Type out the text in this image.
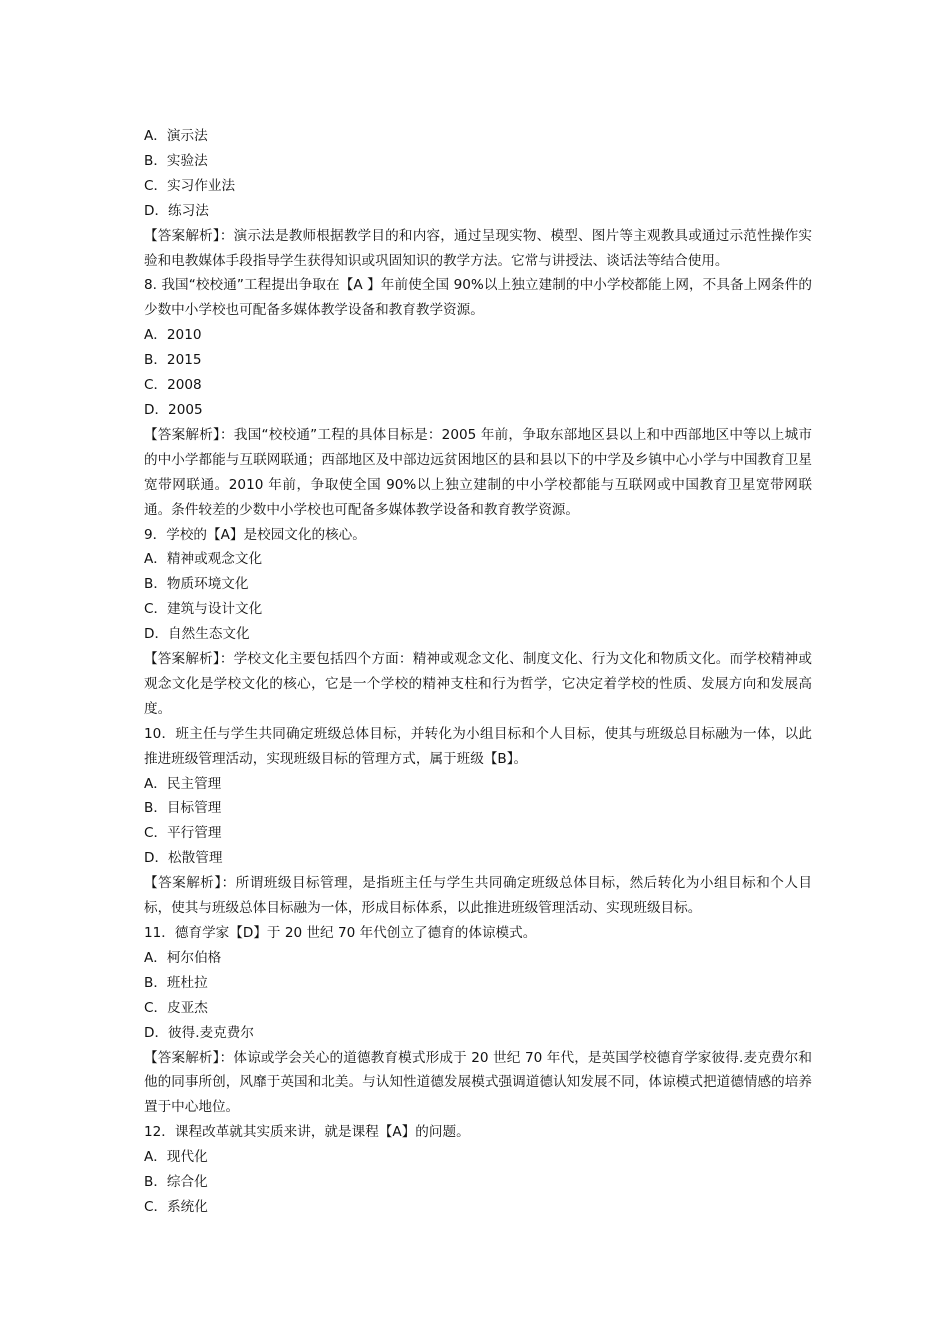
A．演示法

B．实验法

C．实习作业法

D．练习法

【答案解析】：演示法是教师根据教学目的和内容，通过呈现实物、模型、图片等主观教具或通过示范性操作实验和电教媒体手段指导学生获得知识或巩固知识的教学方法。它常与讲授法、谈话法等结合使用。

8. 我国“校校通”工程提出争取在【A 】年前使全国 90%以上独立建制的中小学校都能上网，不具备上网条件的少数中小学校也可配备多媒体教学设备和教育教学资源。

A．2010

B．2015

C．2008

D．2005

【答案解析】：我国“校校通”工程的具体目标是：2005 年前，争取东部地区县以上和中西部地区中等以上城市的中小学都能与互联网联通；西部地区及中部边远贫困地区的县和县以下的中学及乡镇中心小学与中国教育卫星宽带网联通。2010 年前，争取使全国 90%以上独立建制的中小学校都能与互联网或中国教育卫星宽带网联通。条件较差的少数中小学校也可配备多媒体教学设备和教育教学资源。

9．学校的【A】是校园文化的核心。

A．精神或观念文化

B．物质环境文化

C．建筑与设计文化

D．自然生态文化

【答案解析】：学校文化主要包括四个方面：精神或观念文化、制度文化、行为文化和物质文化。而学校精神或观念文化是学校文化的核心，它是一个学校的精神支柱和行为哲学，它决定着学校的性质、发展方向和发展高度。

10．班主任与学生共同确定班级总体目标，并转化为小组目标和个人目标，使其与班级总目标融为一体，以此推进班级管理活动，实现班级目标的管理方式，属于班级【B】。

A．民主管理

B．目标管理

C．平行管理

D．松散管理

【答案解析】：所谓班级目标管理，是指班主任与学生共同确定班级总体目标，然后转化为小组目标和个人目标，使其与班级总体目标融为一体，形成目标体系，以此推进班级管理活动、实现班级目标。

11．德育学家【D】于 20 世纪 70 年代创立了德育的体谅模式。

A．柯尔伯格

B．班杜拉

C．皮亚杰

D．彼得.麦克费尔

【答案解析】：体谅或学会关心的道德教育模式形成于 20 世纪 70 年代，是英国学校德育学家彼得.麦克费尔和他的同事所创，风靡于英国和北美。与认知性道德发展模式强调道德认知发展不同，体谅模式把道德情感的培养置于中心地位。

12．课程改革就其实质来讲，就是课程【A】的问题。

A．现代化

B．综合化

C．系统化
